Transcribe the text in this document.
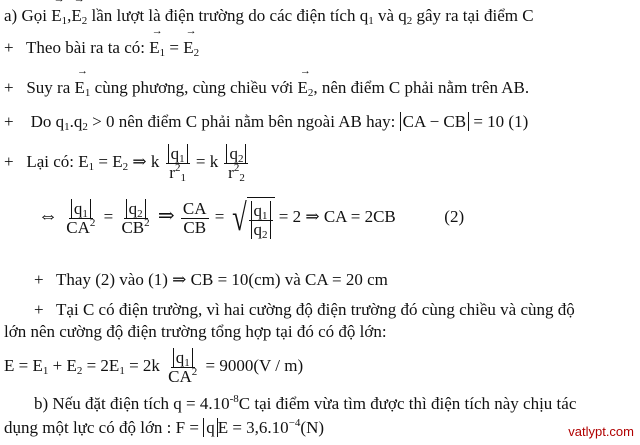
a) Gọi → $E_1,\to E_2$ lần lượt là điện trường do các điện tích $q_1$ và $q_2$ gây ra tại điểm C
+ Theo bài ra ta có: → $E_1$ = → $E_2$
+ Suy ra → $E_1$ cùng phương, cùng chiều với → $E_2$, nên điểm C phải nằm trên AB.
+ Do $q_1.q_2 > 0$ nên điểm C phải nằm bên ngoài AB hay: CA − CB = 10 (1)
+ Lại có: $E_1 = E_2$ ⇒ k $\frac{q_1}{r^2_1} = k \frac{q_2}{r^2_2}$
⇔ $\frac{q_1}{CA^2} = \frac{q_2}{CB^2}$ ⇒ $\frac{CA}{CB}$ = √ $\frac{q_1}{q_2} = 2$ ⇒ CA = 2CB	(2)
+ Thay (2) vào (1) ⇒ CB = 10(cm) và CA = 20 cm
+ Tại C có điện trường, vì hai cường độ điện trường đó cùng chiều và cùng độ
lớn nên cường độ điện trường tổng hợp tại đó có độ lớn:
$E = E_1 + E_2 = 2E_1 = 2k \frac{q_1}{CA^2} = 9000(V / m)$
b) Nếu đặt điện tích $q = 4.10^{-8}C$ tại điểm vừa tìm được thì điện tích này chịu tác
dụng một lực có độ lớn : F = q $E = 3,6.10^{-4}(N)$	vatlypt.com
